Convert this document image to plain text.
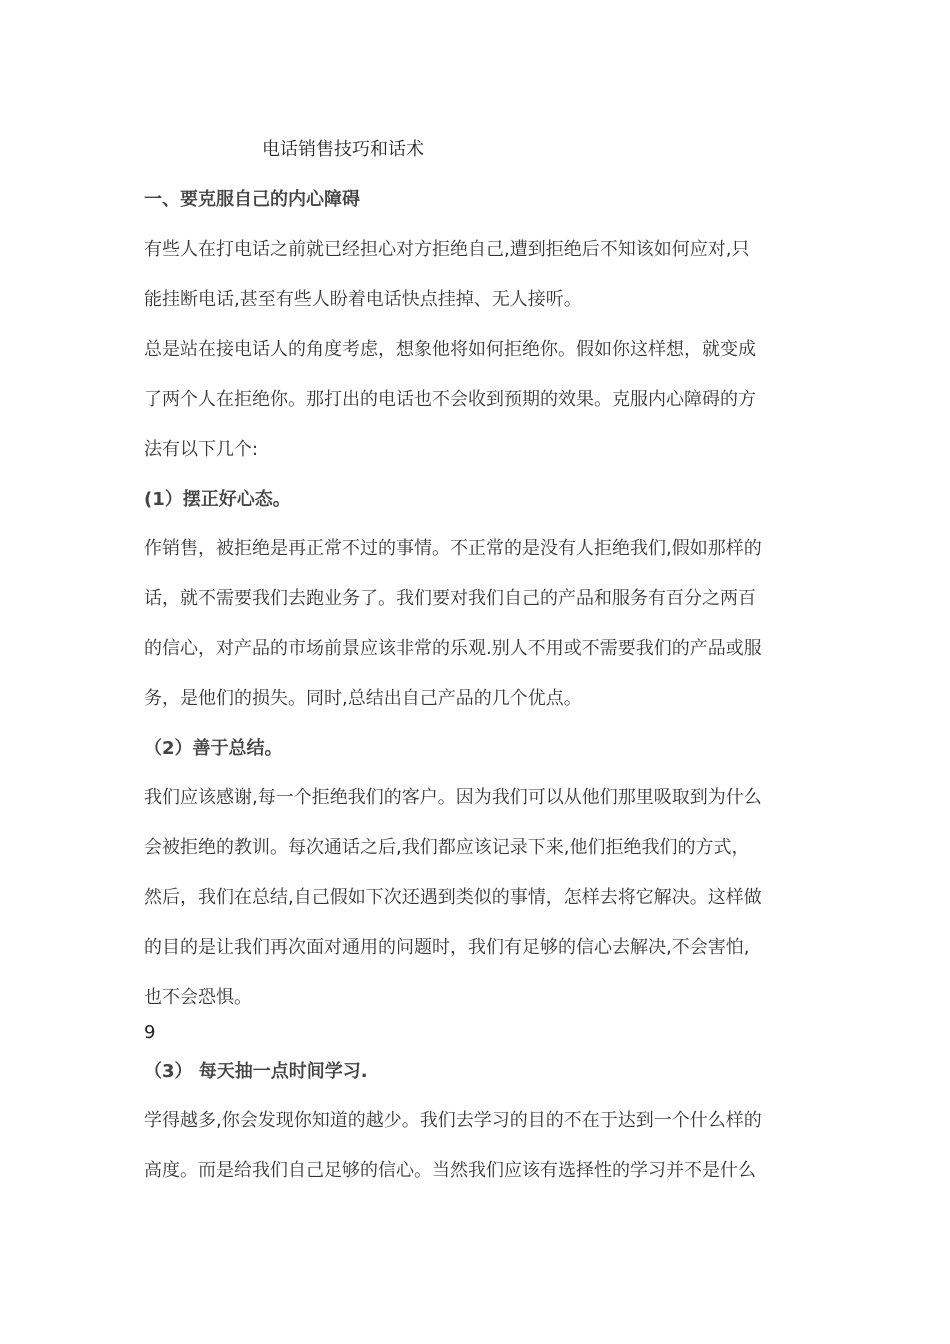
电话销售技巧和话术
一、要克服自己的内心障碍
有些人在打电话之前就已经担心对方拒绝自己,遭到拒绝后不知该如何应对,只
能挂断电话,甚至有些人盼着电话快点挂掉、无人接听。
总是站在接电话人的角度考虑，想象他将如何拒绝你。假如你这样想，就变成
了两个人在拒绝你。那打出的电话也不会收到预期的效果。克服内心障碍的方
法有以下几个:
(1）摆正好心态。
作销售，被拒绝是再正常不过的事情。不正常的是没有人拒绝我们,假如那样的
话，就不需要我们去跑业务了。我们要对我们自己的产品和服务有百分之两百
的信心，对产品的市场前景应该非常的乐观.别人不用或不需要我们的产品或服
务，是他们的损失。同时,总结出自己产品的几个优点。
（2）善于总结。
我们应该感谢,每一个拒绝我们的客户。因为我们可以从他们那里吸取到为什么
会被拒绝的教训。每次通话之后,我们都应该记录下来,他们拒绝我们的方式，
然后，我们在总结,自己假如下次还遇到类似的事情，怎样去将它解决。这样做
的目的是让我们再次面对通用的问题时，我们有足够的信心去解决,不会害怕,
也不会恐惧。
9
（3） 每天抽一点时间学习.
学得越多,你会发现你知道的越少。我们去学习的目的不在于达到一个什么样的
高度。而是给我们自己足够的信心。当然我们应该有选择性的学习并不是什么
